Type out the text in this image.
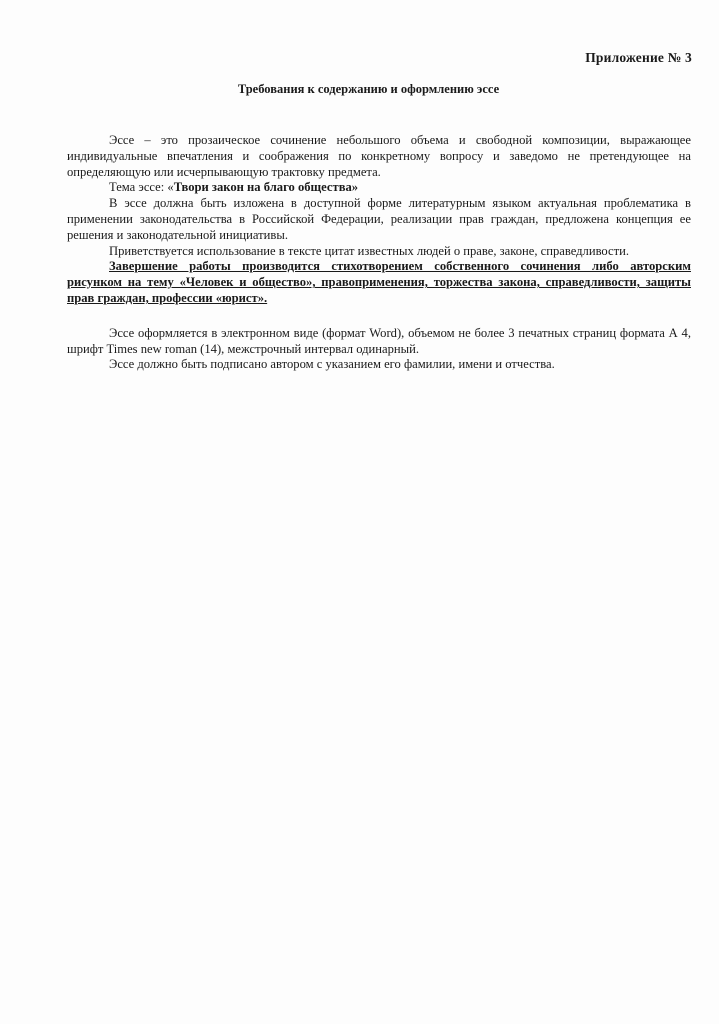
Приложение № 3
Требования к содержанию и оформлению эссе

Эссе – это прозаическое сочинение небольшого объема и свободной композиции, выражающее индивидуальные впечатления и соображения по конкретному вопросу и заведомо не претендующее на определяющую или исчерпывающую трактовку предмета.

Тема эссе: «Твори закон на благо общества»

В эссе должна быть изложена в доступной форме литературным языком актуальная проблематика в применении законодательства в Российской Федерации, реализации прав граждан, предложена концепция ее решения и законодательной инициативы.

Приветствуется использование в тексте цитат известных людей о праве, законе, справедливости.

Завершение работы производится стихотворением собственного сочинения либо авторским рисунком на тему «Человек и общество», правоприменения, торжества закона, справедливости, защиты прав граждан, профессии «юрист».

Эссе оформляется в электронном виде (формат Word), объемом не более 3 печатных страниц формата А 4, шрифт Times new roman (14), межстрочный интервал одинарный.

Эссе должно быть подписано автором с указанием его фамилии, имени и отчества.
